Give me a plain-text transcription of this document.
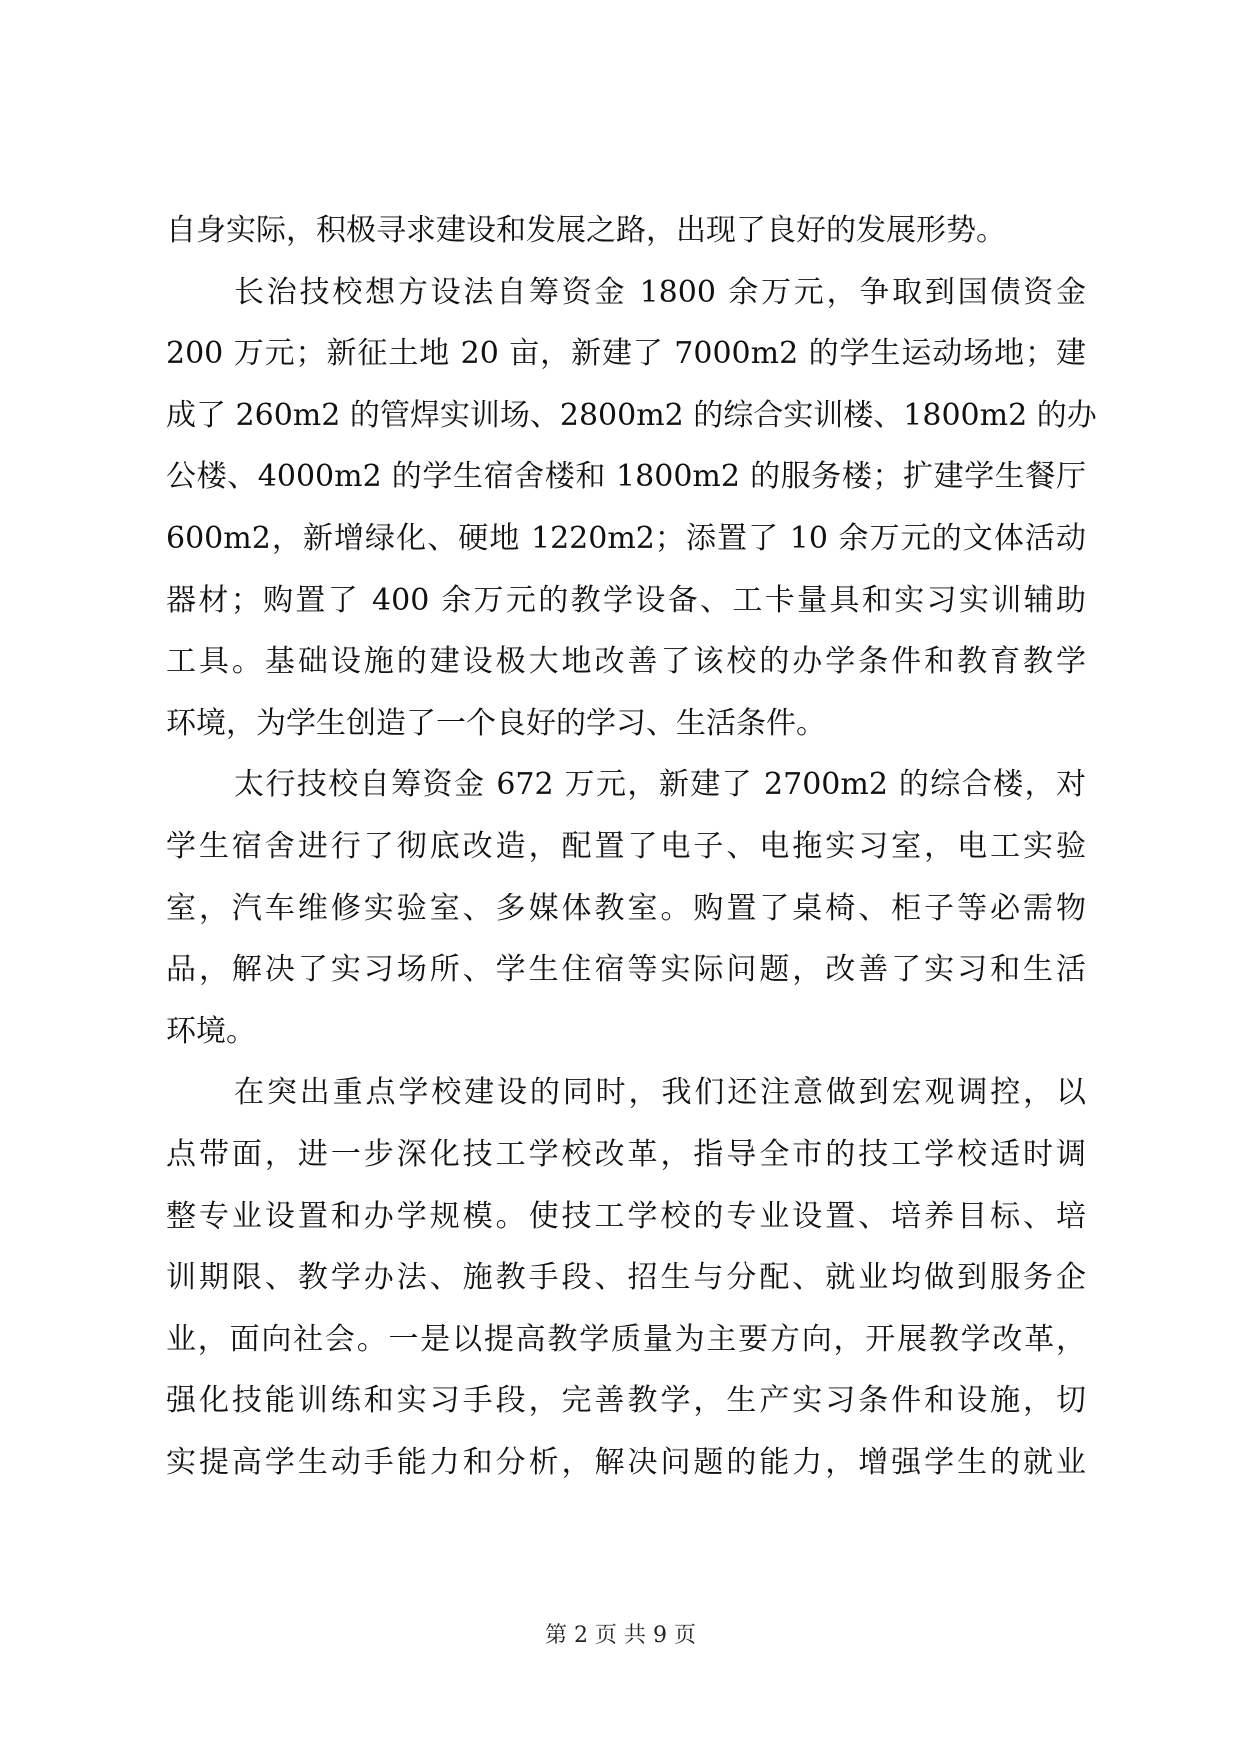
自身实际，积极寻求建设和发展之路，出现了良好的发展形势。
长治技校想方设法自筹资金 1800 余万元，争取到国债资金
200 万元；新征土地 20 亩，新建了 7000m2 的学生运动场地；建
成了 260m2 的管焊实训场、2800m2 的综合实训楼、1800m2 的办
公楼、4000m2 的学生宿舍楼和 1800m2 的服务楼；扩建学生餐厅
600m2，新增绿化、硬地 1220m2；添置了 10 余万元的文体活动
器材；购置了 400 余万元的教学设备、工卡量具和实习实训辅助
工具。基础设施的建设极大地改善了该校的办学条件和教育教学
环境，为学生创造了一个良好的学习、生活条件。
太行技校自筹资金 672 万元，新建了 2700m2 的综合楼，对
学生宿舍进行了彻底改造，配置了电子、电拖实习室，电工实验
室，汽车维修实验室、多媒体教室。购置了桌椅、柜子等必需物
品，解决了实习场所、学生住宿等实际问题，改善了实习和生活
环境。
在突出重点学校建设的同时，我们还注意做到宏观调控，以
点带面，进一步深化技工学校改革，指导全市的技工学校适时调
整专业设置和办学规模。使技工学校的专业设置、培养目标、培
训期限、教学办法、施教手段、招生与分配、就业均做到服务企
业，面向社会。一是以提高教学质量为主要方向，开展教学改革，
强化技能训练和实习手段，完善教学，生产实习条件和设施，切
实提高学生动手能力和分析，解决问题的能力，增强学生的就业
第 2 页 共 9 页
